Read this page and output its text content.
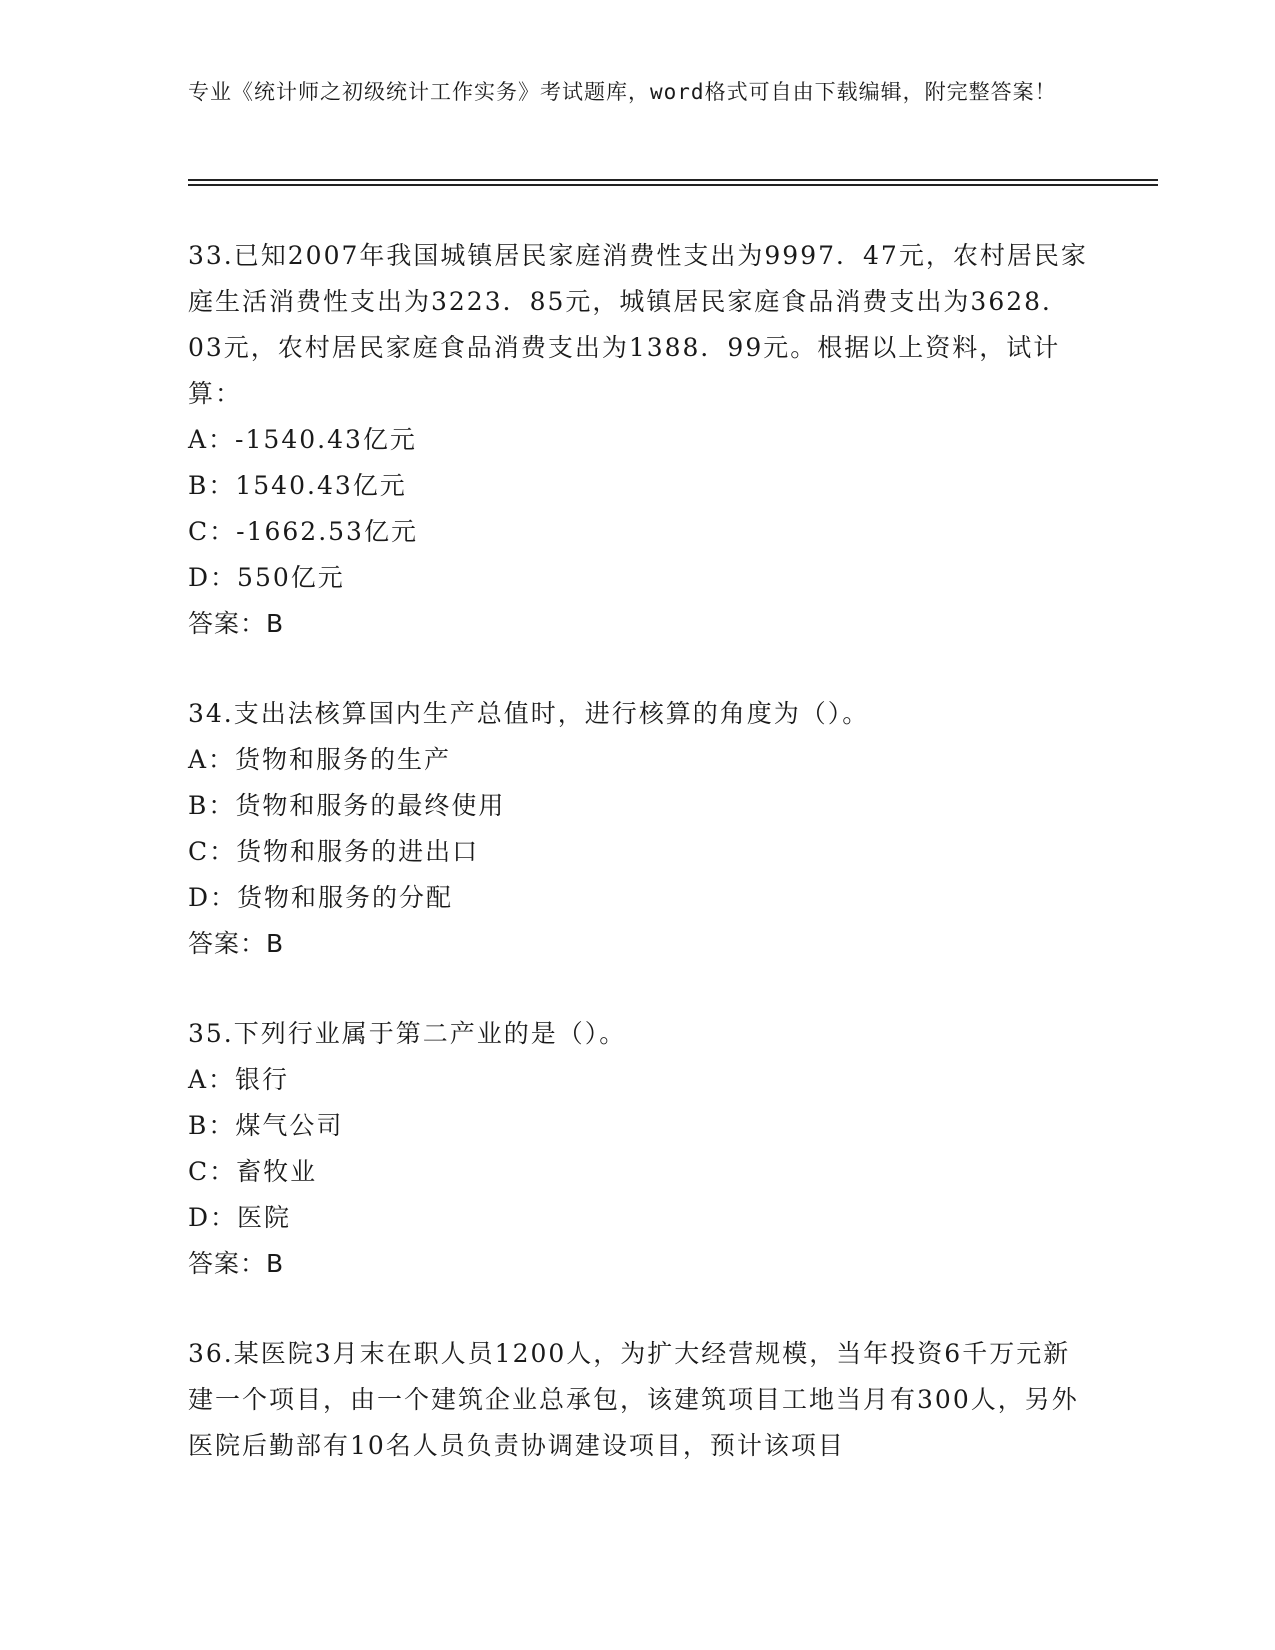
专业《统计师之初级统计工作实务》考试题库，word格式可自由下载编辑，附完整答案！
33.已知2007年我国城镇居民家庭消费性支出为9997．47元，农村居民家庭生活消费性支出为3223．85元，城镇居民家庭食品消费支出为3628．03元，农村居民家庭食品消费支出为1388．99元。根据以上资料，试计算：
A：-1540.43亿元
B：1540.43亿元
C：-1662.53亿元
D：550亿元
答案：B
34.支出法核算国内生产总值时，进行核算的角度为（）。
A：货物和服务的生产
B：货物和服务的最终使用
C：货物和服务的进出口
D：货物和服务的分配
答案：B
35.下列行业属于第二产业的是（）。
A：银行
B：煤气公司
C：畜牧业
D：医院
答案：B
36.某医院3月末在职人员1200人，为扩大经营规模，当年投资6千万元新建一个项目，由一个建筑企业总承包，该建筑项目工地当月有300人，另外医院后勤部有10名人员负责协调建设项目，预计该项目
